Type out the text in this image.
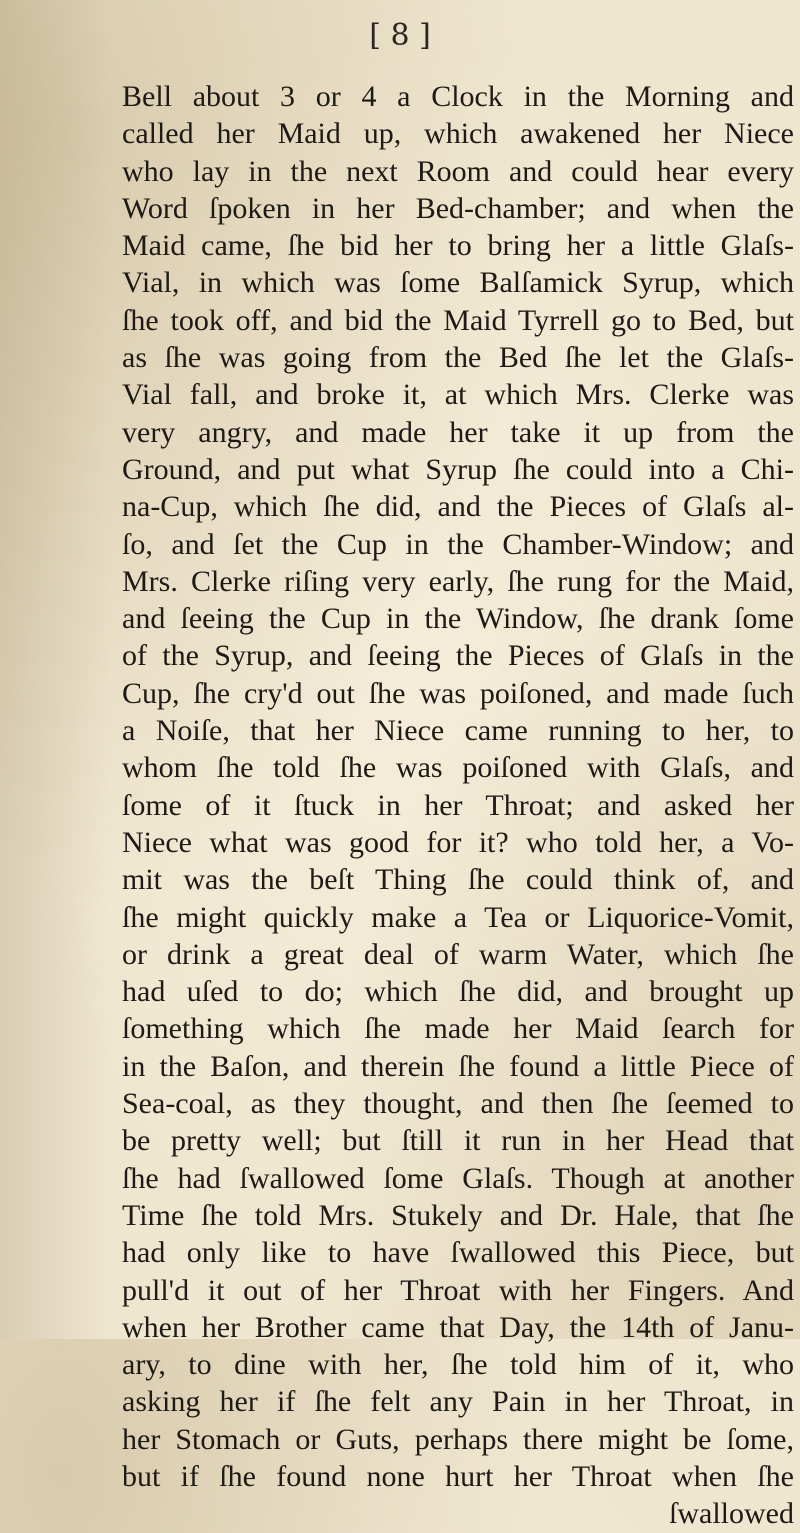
[ 8 ]
Bell about 3 or 4 a Clock in the Morning and
called her Maid up, which awakened her Niece
who lay in the next Room and could hear every
Word ſpoken in her Bed-chamber; and when the
Maid came, ſhe bid her to bring her a little Glaſs-
Vial, in which was ſome Balſamick Syrup, which
ſhe took off, and bid the Maid Tyrrell go to Bed, but
as ſhe was going from the Bed ſhe let the Glaſs-
Vial fall, and broke it, at which Mrs. Clerke was
very angry, and made her take it up from the
Ground, and put what Syrup ſhe could into a Chi-
na-Cup, which ſhe did, and the Pieces of Glaſs al-
ſo, and ſet the Cup in the Chamber-Window; and
Mrs. Clerke riſing very early, ſhe rung for the Maid,
and ſeeing the Cup in the Window, ſhe drank ſome
of the Syrup, and ſeeing the Pieces of Glaſs in the
Cup, ſhe cry'd out ſhe was poiſoned, and made ſuch
a Noiſe, that her Niece came running to her, to
whom ſhe told ſhe was poiſoned with Glaſs, and
ſome of it ſtuck in her Throat; and asked her
Niece what was good for it? who told her, a Vo-
mit was the beſt Thing ſhe could think of, and
ſhe might quickly make a Tea or Liquorice-Vomit,
or drink a great deal of warm Water, which ſhe
had uſed to do; which ſhe did, and brought up
ſomething which ſhe made her Maid ſearch for
in the Baſon, and therein ſhe found a little Piece of
Sea-coal, as they thought, and then ſhe ſeemed to
be pretty well; but ſtill it run in her Head that
ſhe had ſwallowed ſome Glaſs. Though at another
Time ſhe told Mrs. Stukely and Dr. Hale, that ſhe
had only like to have ſwallowed this Piece, but
pull'd it out of her Throat with her Fingers. And
when her Brother came that Day, the 14th of Janu-
ary, to dine with her, ſhe told him of it, who
asking her if ſhe felt any Pain in her Throat, in
her Stomach or Guts, perhaps there might be ſome,
but if ſhe found none hurt her Throat when ſhe
ſwallowed
